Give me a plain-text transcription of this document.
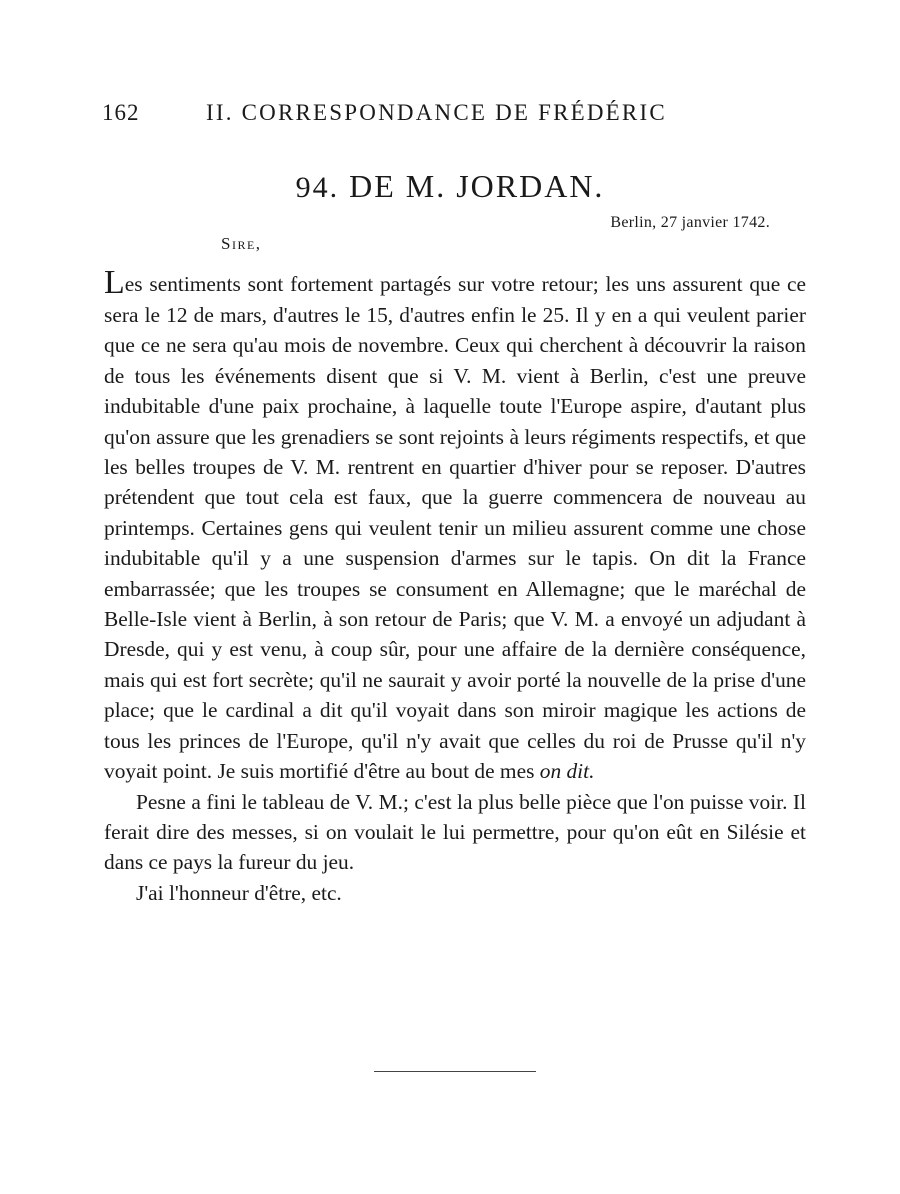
162	II. CORRESPONDANCE DE FRÉDÉRIC
94. DE M. JORDAN.
Berlin, 27 janvier 1742.
Sire,

Les sentiments sont fortement partagés sur votre retour; les uns assurent que ce sera le 12 de mars, d'autres le 15, d'autres enfin le 25. Il y en a qui veulent parier que ce ne sera qu'au mois de novembre. Ceux qui cherchent à découvrir la raison de tous les événements disent que si V. M. vient à Berlin, c'est une preuve indubitable d'une paix prochaine, à laquelle toute l'Europe aspire, d'autant plus qu'on assure que les grenadiers se sont rejoints à leurs régiments respectifs, et que les belles troupes de V. M. rentrent en quartier d'hiver pour se reposer. D'autres prétendent que tout cela est faux, que la guerre commencera de nouveau au printemps. Certaines gens qui veulent tenir un milieu assurent comme une chose indubitable qu'il y a une suspension d'armes sur le tapis. On dit la France embarrassée; que les troupes se consument en Allemagne; que le maréchal de Belle-Isle vient à Berlin, à son retour de Paris; que V. M. a envoyé un adjudant à Dresde, qui y est venu, à coup sûr, pour une affaire de la dernière conséquence, mais qui est fort secrète; qu'il ne saurait y avoir porté la nouvelle de la prise d'une place; que le cardinal a dit qu'il voyait dans son miroir magique les actions de tous les princes de l'Europe, qu'il n'y avait que celles du roi de Prusse qu'il n'y voyait point. Je suis mortifié d'être au bout de mes on dit.

Pesne a fini le tableau de V. M.; c'est la plus belle pièce que l'on puisse voir. Il ferait dire des messes, si on voulait le lui permettre, pour qu'on eût en Silésie et dans ce pays la fureur du jeu.

J'ai l'honneur d'être, etc.
